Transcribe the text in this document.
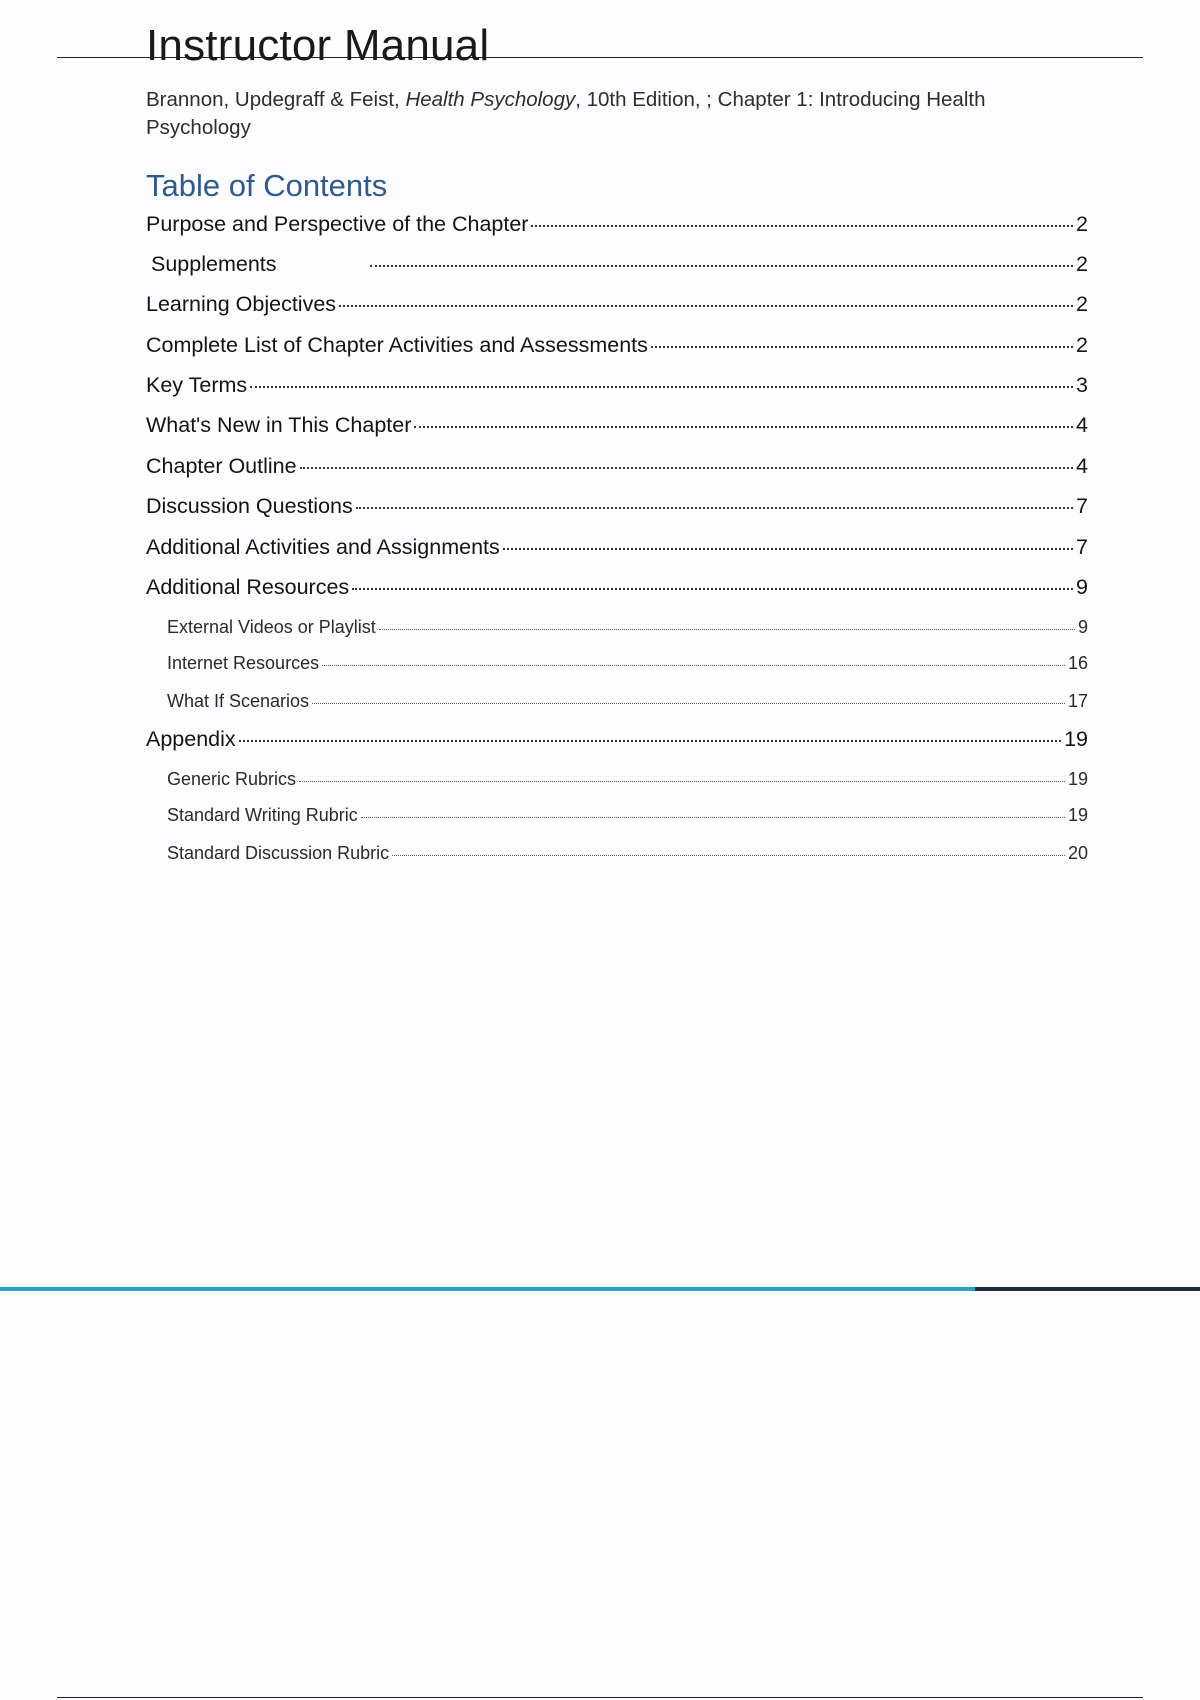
Instructor Manual

Brannon, Updegraff & Feist, Health Psychology, 10th Edition, ; Chapter 1: Introducing Health Psychology

Table of Contents
Purpose and Perspective of the Chapter	2
Supplements	2
Learning Objectives	2
Complete List of Chapter Activities and Assessments	2
Key Terms	3
What's New in This Chapter	4
Chapter Outline	4
Discussion Questions	7
Additional Activities and Assignments	7
Additional Resources	9
External Videos or Playlist	9
Internet Resources	16
What If Scenarios	17
Appendix	19
Generic Rubrics	19
Standard Writing Rubric	19
Standard Discussion Rubric	20
